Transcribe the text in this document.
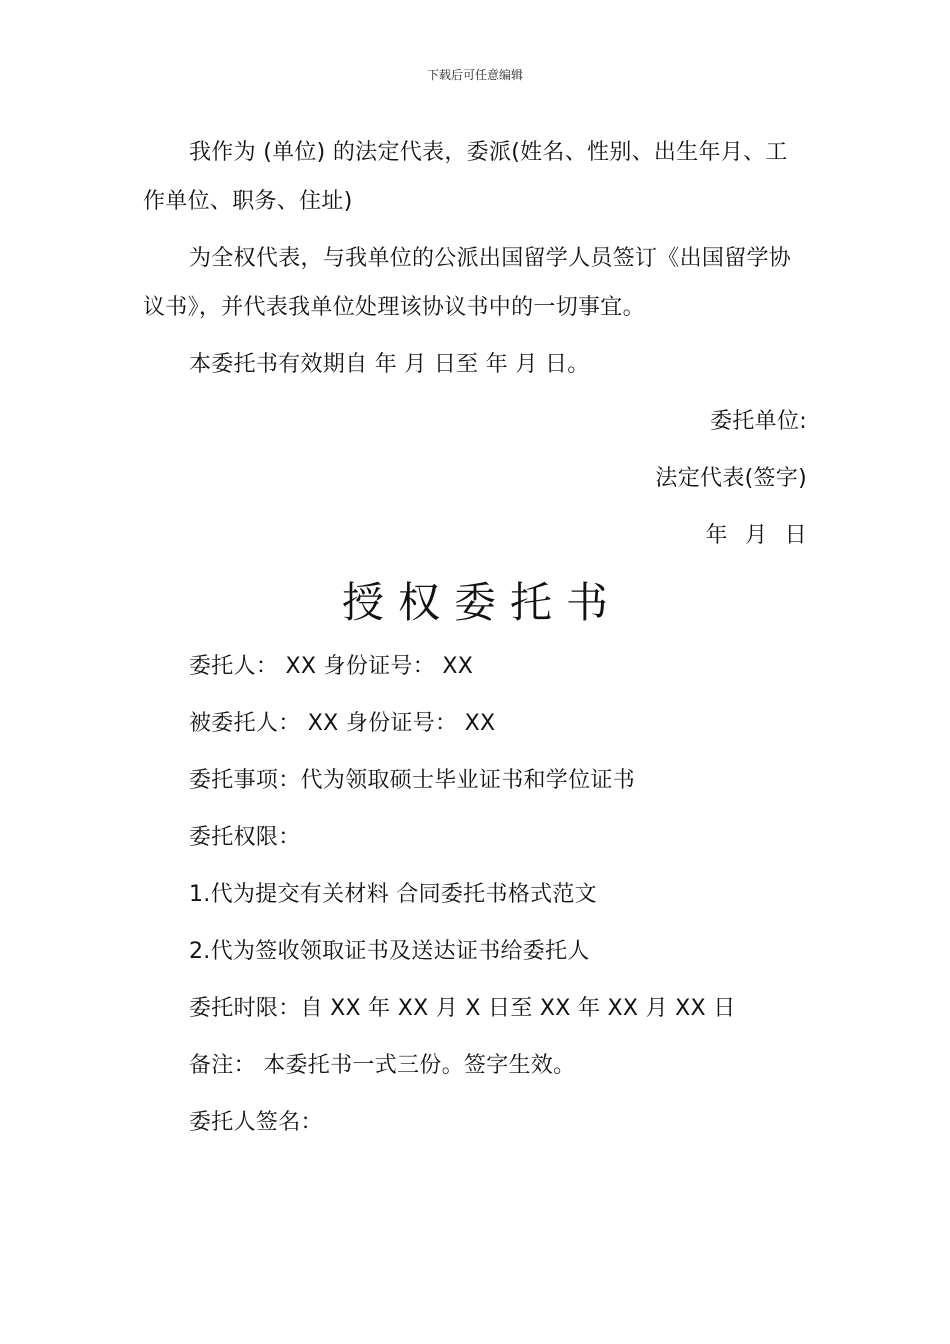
下载后可任意编辑

我作为 (单位) 的法定代表，委派(姓名、性别、出生年月、工作单位、职务、住址)

为全权代表，与我单位的公派出国留学人员签订《出国留学协议书》，并代表我单位处理该协议书中的一切事宜。

本委托书有效期自 年 月 日至 年 月 日。

委托单位:

法定代表(签字)

年 月 日

授权委托书

委托人： XX 身份证号： XX

被委托人： XX 身份证号： XX

委托事项：代为领取硕士毕业证书和学位证书

委托权限：

1.代为提交有关材料 合同委托书格式范文

2.代为签收领取证书及送达证书给委托人

委托时限：自 XX 年 XX 月 X 日至 XX 年 XX 月 XX 日

备注： 本委托书一式三份。签字生效。

委托人签名：
